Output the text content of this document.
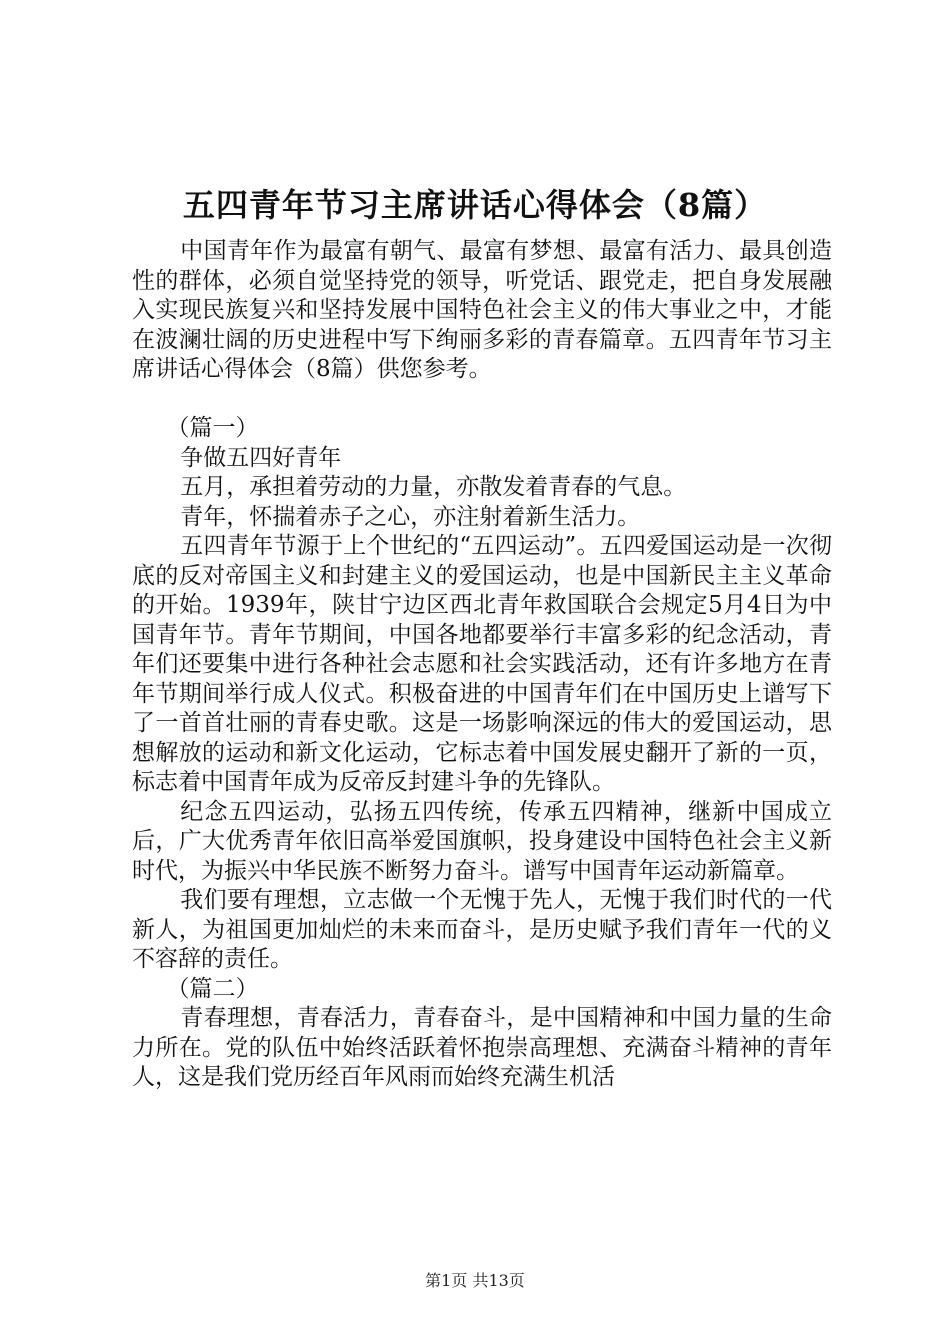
五四青年节习主席讲话心得体会（8篇）

中国青年作为最富有朝气、最富有梦想、最富有活力、最具创造性的群体，必须自觉坚持党的领导，听党话、跟党走，把自身发展融入实现民族复兴和坚持发展中国特色社会主义的伟大事业之中，才能在波澜壮阔的历史进程中写下绚丽多彩的青春篇章。五四青年节习主席讲话心得体会（8篇）供您参考。

（篇一）

争做五四好青年

五月，承担着劳动的力量，亦散发着青春的气息。

青年，怀揣着赤子之心，亦注射着新生活力。

五四青年节源于上个世纪的“五四运动”。五四爱国运动是一次彻底的反对帝国主义和封建主义的爱国运动，也是中国新民主主义革命的开始。1939年，陕甘宁边区西北青年救国联合会规定5月4日为中国青年节。青年节期间，中国各地都要举行丰富多彩的纪念活动，青年们还要集中进行各种社会志愿和社会实践活动，还有许多地方在青年节期间举行成人仪式。积极奋进的中国青年们在中国历史上谱写下了一首首壮丽的青春史歌。这是一场影响深远的伟大的爱国运动，思想解放的运动和新文化运动，它标志着中国发展史翻开了新的一页，标志着中国青年成为反帝反封建斗争的先锋队。

纪念五四运动，弘扬五四传统，传承五四精神，继新中国成立后，广大优秀青年依旧高举爱国旗帜，投身建设中国特色社会主义新时代，为振兴中华民族不断努力奋斗。谱写中国青年运动新篇章。

我们要有理想，立志做一个无愧于先人，无愧于我们时代的一代新人，为祖国更加灿烂的未来而奋斗，是历史赋予我们青年一代的义不容辞的责任。

（篇二）

青春理想，青春活力，青春奋斗，是中国精神和中国力量的生命力所在。党的队伍中始终活跃着怀抱崇高理想、充满奋斗精神的青年人，这是我们党历经百年风雨而始终充满生机活

第1页 共13页
